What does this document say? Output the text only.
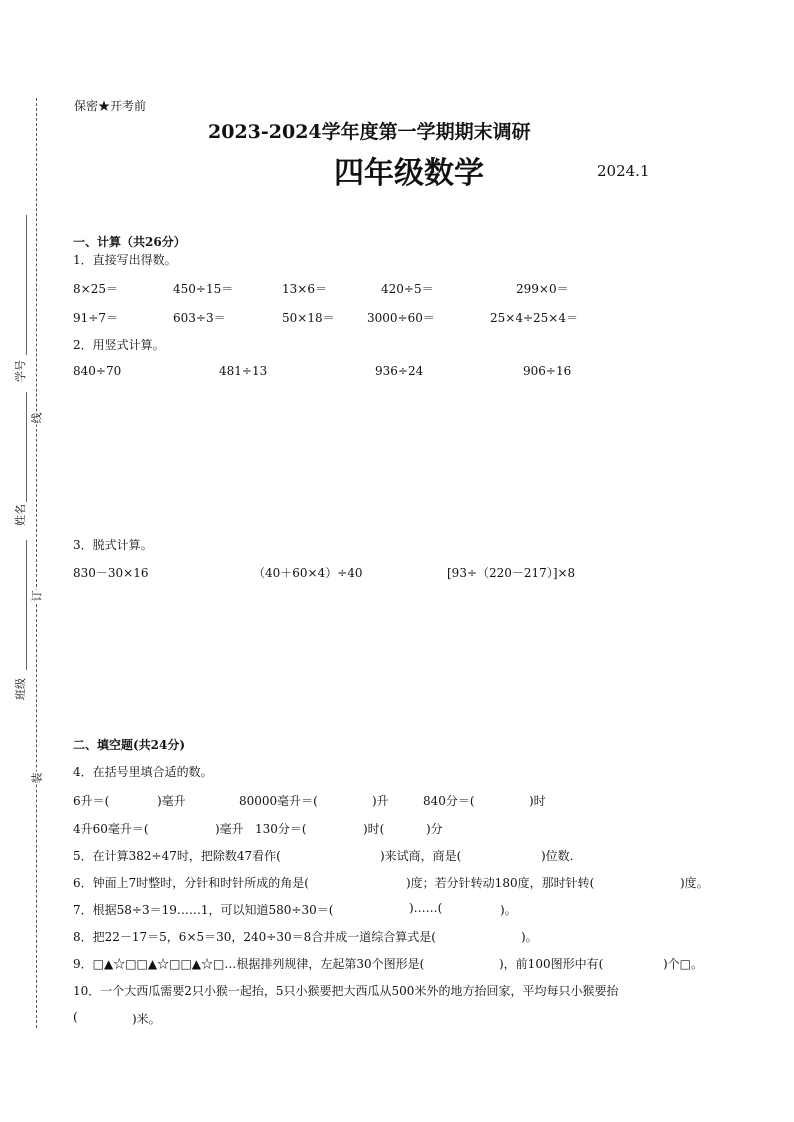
学号
姓名
班级
线
订
装
保密★开考前
2023-2024学年度第一学期期末调研
四年级数学	2024.1
一、计算（共26分）
1．直接写出得数。
8×25＝	450÷15＝	13×6＝	420÷5＝	299×0＝
91÷7＝	603÷3＝	50×18＝	3000÷60＝	25×4÷25×4＝
2．用竖式计算。
840÷70	481÷13	936÷24	906÷16
3．脱式计算。
830－30×16	（40＋60×4）÷40	[93÷（220－217）]×8
二、填空题(共24分)
4．在括号里填合适的数。
6升＝(	)毫升	80000毫升＝(	)升	840分＝(	)时
4升60毫升＝(	)毫升 130分＝(	)时(	)分
5．在计算382÷47时，把除数47看作(	)来试商，商是(	)位数.
6．钟面上7时整时，分针和时针所成的角是(	)度；若分针转动180度，那时针转(	)度。
7．根据58÷3＝19……1，可以知道580÷30＝(	)……(	)。
8．把22－17＝5，6×5＝30，240÷30＝8合并成一道综合算式是(	)。
9．□▲☆□□▲☆□□▲☆□…根据排列规律，左起第30个图形是(	)，前100图形中有(	)个□。
10．一个大西瓜需要2只小猴一起抬，5只小猴要把大西瓜从500米外的地方抬回家，平均每只小猴要抬
(	)米。
